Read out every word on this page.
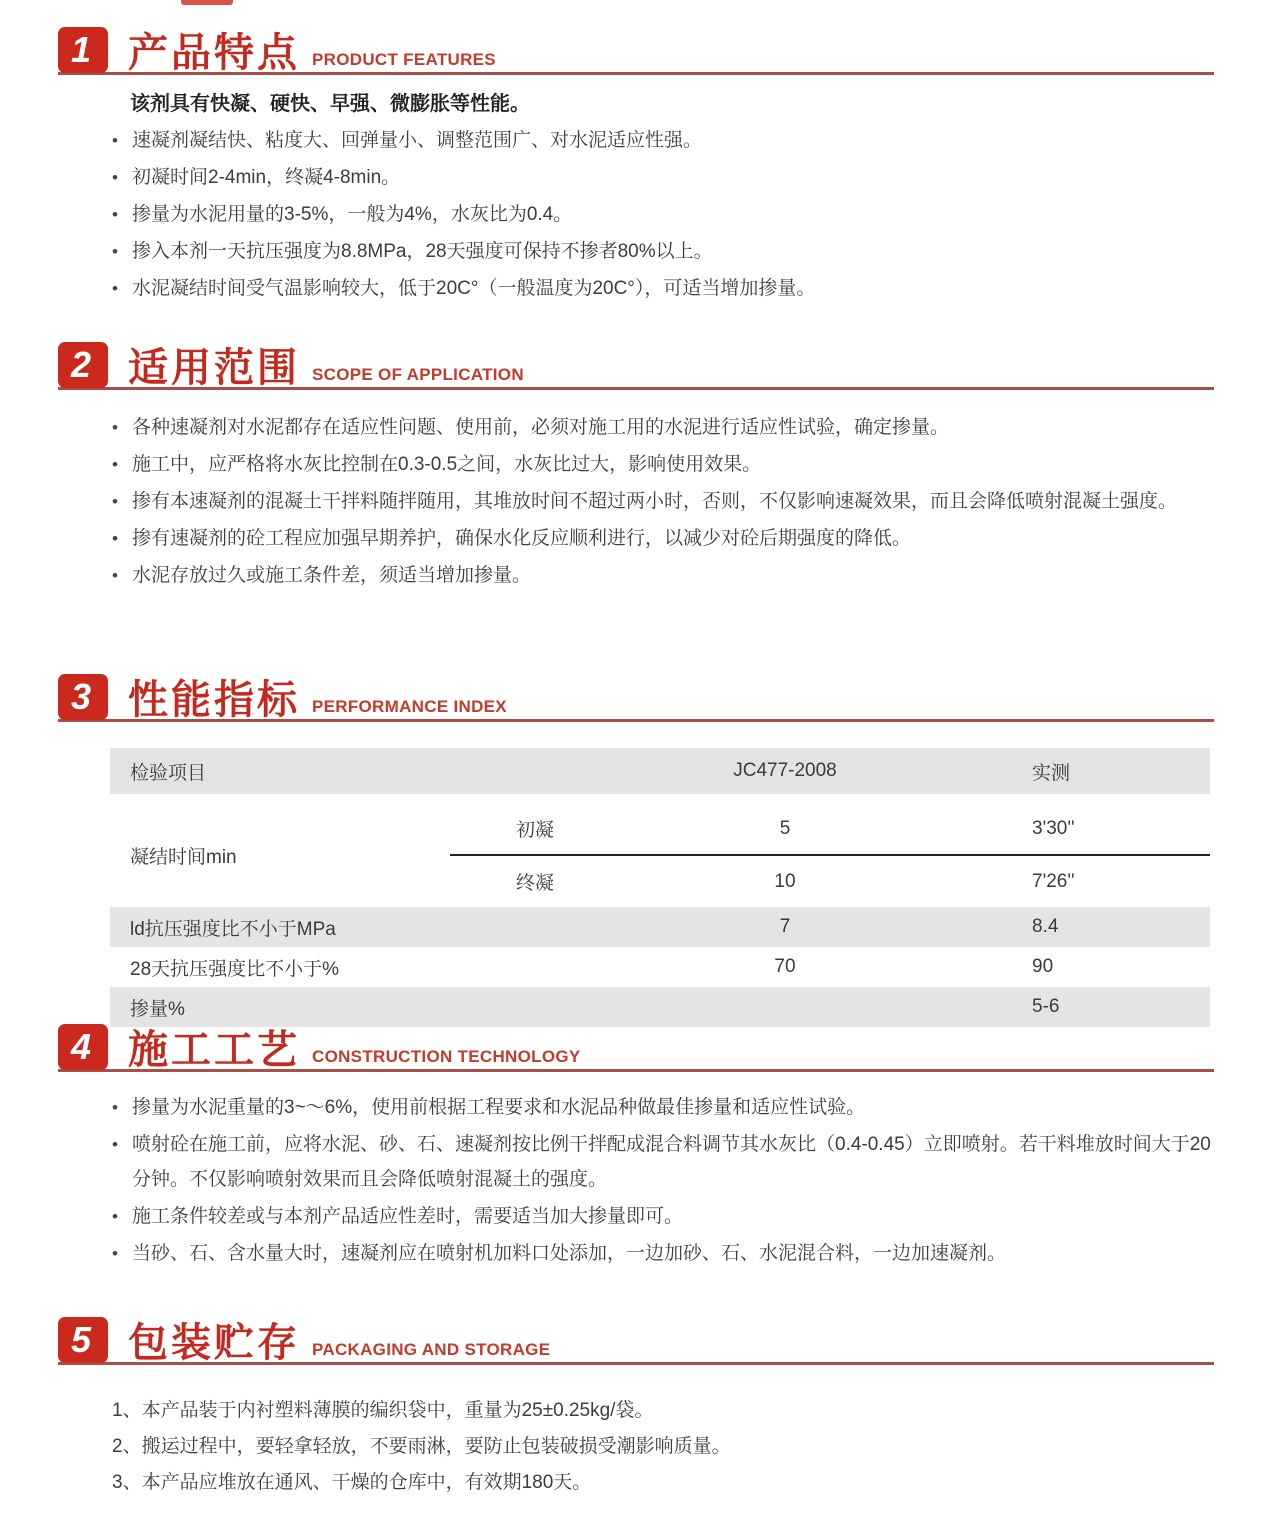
1 产品特点 PRODUCT FEATURES
该剂具有快凝、硬快、早强、微膨胀等性能。
• 速凝剂凝结快、粘度大、回弹量小、调整范围广、对水泥适应性强。
• 初凝时间2-4min，终凝4-8min。
• 掺量为水泥用量的3-5%，一般为4%，水灰比为0.4。
• 掺入本剂一天抗压强度为8.8MPa，28天强度可保持不掺者80%以上。
• 水泥凝结时间受气温影响较大，低于20C°（一般温度为20C°），可适当增加掺量。
2 适用范围 SCOPE OF APPLICATION
• 各种速凝剂对水泥都存在适应性问题、使用前，必须对施工用的水泥进行适应性试验，确定掺量。
• 施工中，应严格将水灰比控制在0.3-0.5之间，水灰比过大，影响使用效果。
• 掺有本速凝剂的混凝土干拌料随拌随用，其堆放时间不超过两小时，否则，不仅影响速凝效果，而且会降低喷射混凝土强度。
• 掺有速凝剂的砼工程应加强早期养护，确保水化反应顺利进行，以减少对砼后期强度的降低。
• 水泥存放过久或施工条件差，须适当增加掺量。
3 性能指标 PERFORMANCE INDEX
检验项目		JC477-2008	实测

凝结时间min	初凝	5	3'30''
	终凝	10	7'26''
ld抗压强度比不小于MPa		7	8.4
28天抗压强度比不小于%		70	90
掺量%			5-6
4 施工工艺 CONSTRUCTION TECHNOLOGY
• 掺量为水泥重量的3~～6%，使用前根据工程要求和水泥品种做最佳掺量和适应性试验。
• 喷射砼在施工前，应将水泥、砂、石、速凝剂按比例干拌配成混合料调节其水灰比（0.4-0.45）立即喷射。若干料堆放时间大于20分钟。不仅影响喷射效果而且会降低喷射混凝土的强度。
• 施工条件较差或与本剂产品适应性差时，需要适当加大掺量即可。
• 当砂、石、含水量大时，速凝剂应在喷射机加料口处添加，一边加砂、石、水泥混合料，一边加速凝剂。
5 包装贮存 PACKAGING AND STORAGE
1、本产品装于内衬塑料薄膜的编织袋中，重量为25±0.25kg/袋。
2、搬运过程中，要轻拿轻放，不要雨淋，要防止包装破损受潮影响质量。
3、本产品应堆放在通风、干燥的仓库中，有效期180天。
